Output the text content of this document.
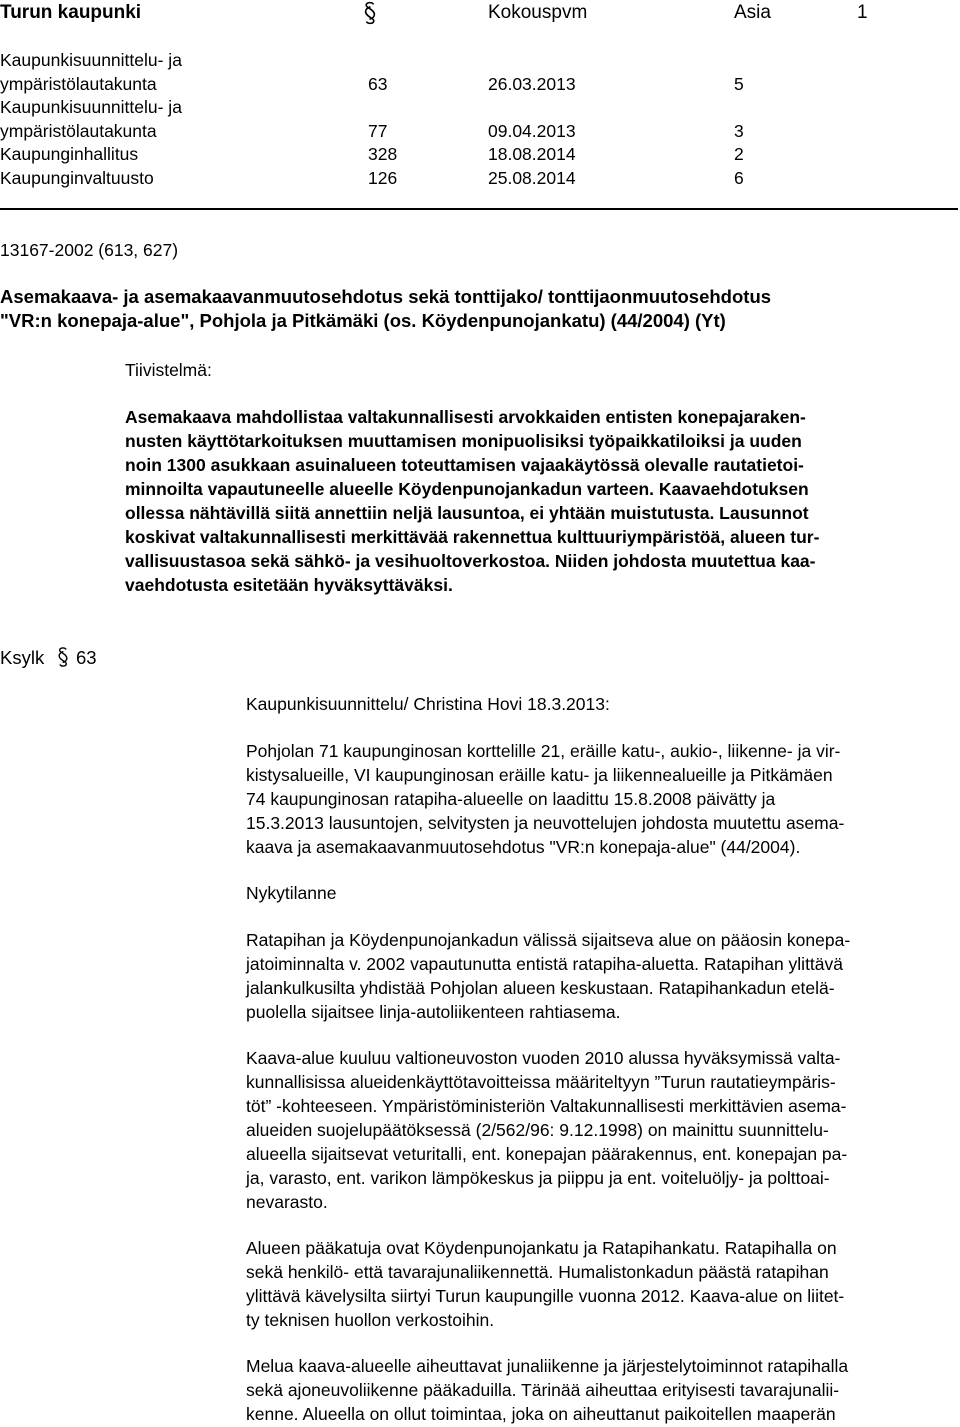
Turun kaupunki	Kokouspvm	Asia	1
Kaupunkisuunnittelu- ja
ympäristölautakunta	63	26.03.2013	5
Kaupunkisuunnittelu- ja
ympäristölautakunta	77	09.04.2013	3
Kaupunginhallitus	328	18.08.2014	2
Kaupunginvaltuusto	126	25.08.2014	6
13167-2002 (613, 627)
Asemakaava- ja asemakaavanmuutosehdotus sekä tonttijako/ tonttijaonmuutosehdotus
"VR:n konepaja-alue", Pohjola ja Pitkämäki (os. Köydenpunojankatu) (44/2004) (Yt)
Tiivistelmä:
Asemakaava mahdollistaa valtakunnallisesti arvokkaiden entisten konepajaraken-
nusten käyttötarkoituksen muuttamisen monipuolisiksi työpaikkatiloiksi ja uuden
noin 1300 asukkaan asuinalueen toteuttamisen vajaakäytössä olevalle rautatietoi-
minnoilta vapautuneelle alueelle Köydenpunojankadun varteen. Kaavaehdotuksen
ollessa nähtävillä siitä annettiin neljä lausuntoa, ei yhtään muistutusta. Lausunnot
koskivat valtakunnallisesti merkittävää rakennettua kulttuuriympäristöä, alueen tur-
vallisuustasoa sekä sähkö- ja vesihuoltoverkostoa. Niiden johdosta muutettua kaa-
vaehdotusta esitetään hyväksyttäväksi.
Ksylk 63
Kaupunkisuunnittelu/ Christina Hovi 18.3.2013:
Pohjolan 71 kaupunginosan korttelille 21, eräille katu-, aukio-, liikenne- ja vir-
kistysalueille, VI kaupunginosan eräille katu- ja liikennealueille ja Pitkämäen
74 kaupunginosan ratapiha-alueelle on laadittu 15.8.2008 päivätty ja
15.3.2013 lausuntojen, selvitysten ja neuvottelujen johdosta muutettu asema-
kaava ja asemakaavanmuutosehdotus "VR:n konepaja-alue" (44/2004).
Nykytilanne
Ratapihan ja Köydenpunojankadun välissä sijaitseva alue on pääosin konepa-
jatoiminnalta v. 2002 vapautunutta entistä ratapiha-aluetta. Ratapihan ylittävä
jalankulkusilta yhdistää Pohjolan alueen keskustaan. Ratapihankadun etelä-
puolella sijaitsee linja-autoliikenteen rahtiasema.
Kaava-alue kuuluu valtioneuvoston vuoden 2010 alussa hyväksymissä valta-
kunnallisissa alueidenkäyttötavoitteissa määriteltyyn ”Turun rautatieympäris-
töt” -kohteeseen. Ympäristöministeriön Valtakunnallisesti merkittävien asema-
alueiden suojelupäätöksessä (2/562/96: 9.12.1998) on mainittu suunnittelu-
alueella sijaitsevat veturitalli, ent. konepajan päärakennus, ent. konepajan pa-
ja, varasto, ent. varikon lämpökeskus ja piippu ja ent. voiteluöljy- ja polttoai-
nevarasto.
Alueen pääkatuja ovat Köydenpunojankatu ja Ratapihankatu. Ratapihalla on
sekä henkilö- että tavarajunaliikennettä. Humalistonkadun päästä ratapihan
ylittävä kävelysilta siirtyi Turun kaupungille vuonna 2012. Kaava-alue on liitet-
ty teknisen huollon verkostoihin.
Melua kaava-alueelle aiheuttavat junaliikenne ja järjestelytoiminnot ratapihalla
sekä ajoneuvoliikenne pääkaduilla. Tärinää aiheuttaa erityisesti tavarajunalii-
kenne. Alueella on ollut toimintaa, joka on aiheuttanut paikoitellen maaperän
